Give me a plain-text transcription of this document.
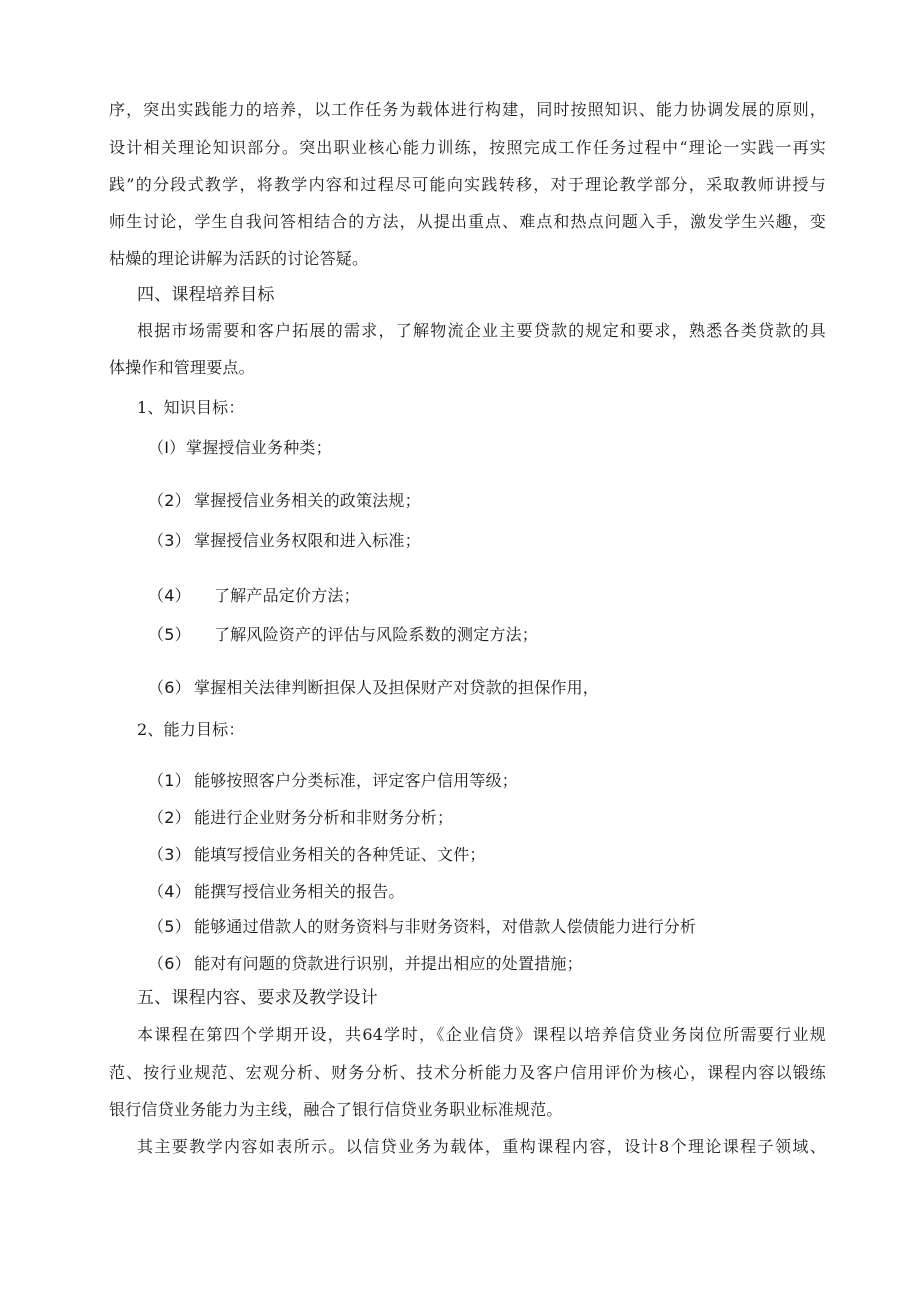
序，突出实践能力的培养，以工作任务为载体进行构建，同时按照知识、能力协调发展的原则，
设计相关理论知识部分。突出职业核心能力训练，按照完成工作任务过程中“理论一实践一再实
践”的分段式教学，将教学内容和过程尽可能向实践转移，对于理论教学部分，采取教师讲授与
师生讨论，学生自我问答相结合的方法，从提出重点、难点和热点问题入手，激发学生兴趣，变
枯燥的理论讲解为活跃的讨论答疑。
四、课程培养目标
根据市场需要和客户拓展的需求，了解物流企业主要贷款的规定和要求，熟悉各类贷款的具
体操作和管理要点。
1、知识目标：
（I）掌握授信业务种类；
（2） 掌握授信业务相关的政策法规；
（3） 掌握授信业务权限和进入标准；
（4） 了解产品定价方法；
（5） 了解风险资产的评估与风险系数的测定方法；
（6） 掌握相关法律判断担保人及担保财产对贷款的担保作用，
2、能力目标：
（1） 能够按照客户分类标准，评定客户信用等级；
（2） 能进行企业财务分析和非财务分析；
（3） 能填写授信业务相关的各种凭证、文件；
（4） 能撰写授信业务相关的报告。
（5） 能够通过借款人的财务资料与非财务资料，对借款人偿债能力进行分析
（6） 能对有问题的贷款进行识别，并提出相应的处置措施；
五、课程内容、要求及教学设计
本课程在第四个学期开设，共64学时，《企业信贷》课程以培养信贷业务岗位所需要行业规
范、按行业规范、宏观分析、财务分析、技术分析能力及客户信用评价为核心，课程内容以锻练
银行信贷业务能力为主线，融合了银行信贷业务职业标准规范。
其主要教学内容如表所示。以信贷业务为载体，重构课程内容，设计8个理论课程子领域、
